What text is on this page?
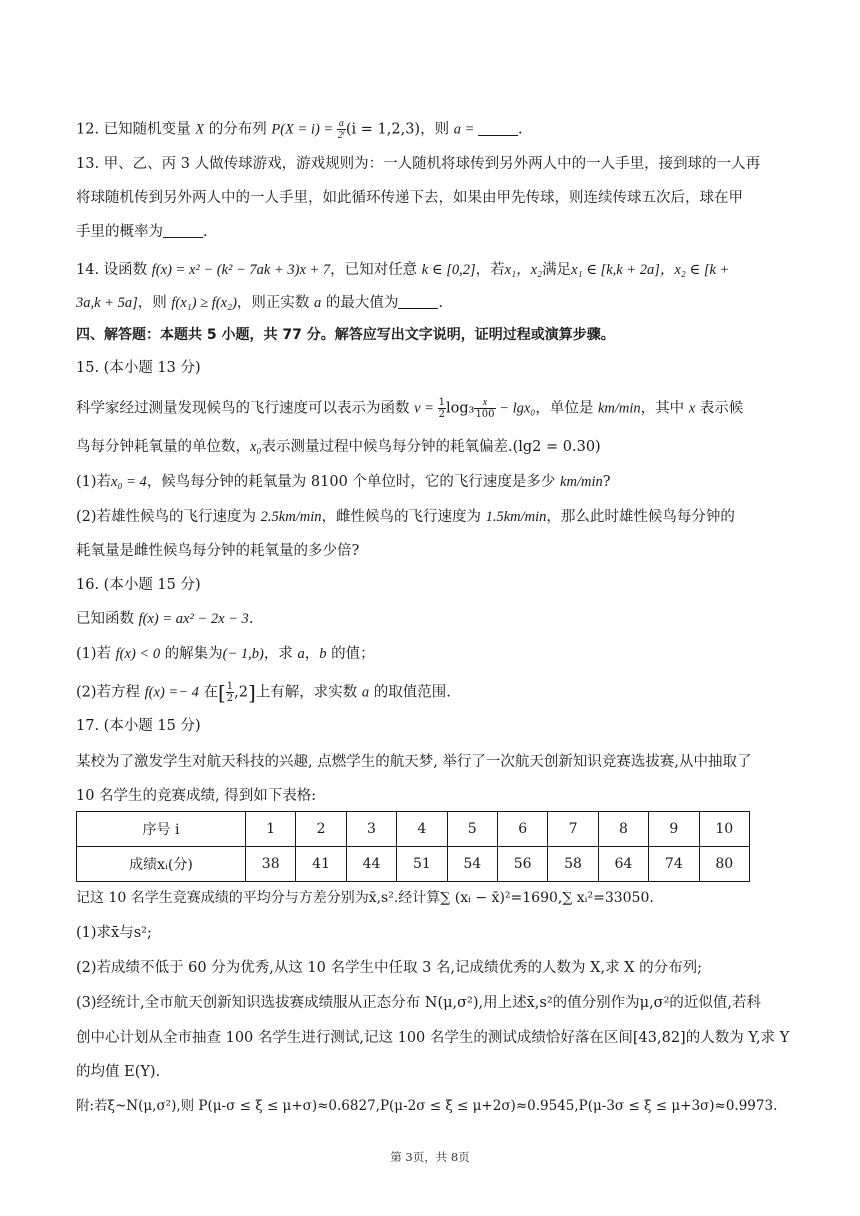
12. 已知随机变量 X 的分布列 $P(X = i) = \frac{a}{\text{2ⁱ}} (i = 1,2,3)$，则 a =	.
13. 甲、乙、丙 3 人做传球游戏，游戏规则为：一人随机将球传到另外两人中的一人手里，接到球的一人再
将球随机传到另外两人中的一人手里，如此循环传递下去，如果由甲先传球，则连续传球五次后，球在甲
手里的概率为	.
14. 设函数 f(x) = x² − (k² − 7ak + 3)x + 7，已知对任意 k ∈ [0,2]，若x₁，x₂满足x₁ ∈ [k,k + 2a]，x₂ ∈ [k +
3a,k + 5a]，则 f(x₁) ≥ f(x₂)，则正实数 a 的最大值为	.
四、解答题：本题共 5 小题，共 77 分。解答应写出文字说明，证明过程或演算步骤。
15. (本小题 13 分)
科学家经过测量发现候鸟的飞行速度可以表示为函数 $v = \frac{1}{2} \log_3 \frac{x}{100} - \lg x_0$，单位是 km/min，其中 x 表示候
鸟每分钟耗氧量的单位数，x₀表示测量过程中候鸟每分钟的耗氧偏差.(lg2 = 0.30)
(1)若x₀ = 4，候鸟每分钟的耗氧量为 8100 个单位时，它的飞行速度是多少 km/min?
(2)若雄性候鸟的飞行速度为 2.5km/min，雌性候鸟的飞行速度为 1.5km/min，那么此时雄性候鸟每分钟的
耗氧量是雌性候鸟每分钟的耗氧量的多少倍?
16. (本小题 15 分)
已知函数 f(x) = ax² − 2x − 3.
(1)若 f(x) < 0 的解集为(− 1,b)，求 a，b 的值；
(2)若方程 f(x) =− 4 在[ $\frac{1}{2} ,2$]上有解，求实数 a 的取值范围.
17. (本小题 15 分)
某校为了激发学生对航天科技的兴趣, 点燃学生的航天梦, 举行了一次航天创新知识竞赛选拔赛,从中抽取了
10 名学生的竞赛成绩, 得到如下表格:
序号 i	1	2	3	4	5	6	7	8	9	10
成绩xᵢ(分)	38	41	44	51	54	56	58	64	74	80
记这 10 名学生竞赛成绩的平均分与方差分别为x̄,s².经计算∑ (xᵢ − x̄)²=1690,∑ xᵢ²=33050.
(1)求x̄与s²;
(2)若成绩不低于 60 分为优秀,从这 10 名学生中任取 3 名,记成绩优秀的人数为 X,求 X 的分布列;
(3)经统计,全市航天创新知识选拔赛成绩服从正态分布 N(μ,σ²),用上述x̄,s²的值分别作为μ,σ²的近似值,若科
创中心计划从全市抽查 100 名学生进行测试,记这 100 名学生的测试成绩恰好落在区间[43,82]的人数为 Y,求 Y
的均值 E(Y).
附:若ξ~N(μ,σ²),则 P(μ-σ ≤ ξ ≤ μ+σ)≈0.6827,P(μ-2σ ≤ ξ ≤ μ+2σ)≈0.9545,P(μ-3σ ≤ ξ ≤ μ+3σ)≈0.9973.
第 3页，共 8页
